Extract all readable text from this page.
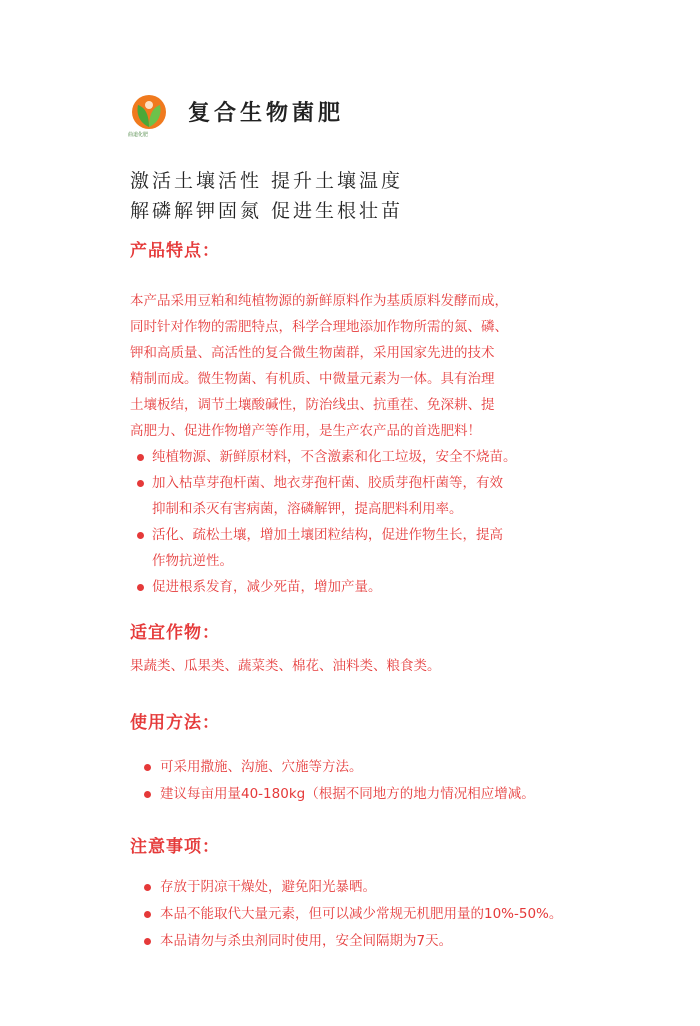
曲道化肥
复合生物菌肥
激活土壤活性 提升土壤温度
解磷解钾固氮 促进生根壮苗
产品特点：
本产品采用豆粕和纯植物源的新鲜原料作为基质原料发酵而成，
同时针对作物的需肥特点，科学合理地添加作物所需的氮、磷、
钾和高质量、高活性的复合微生物菌群，采用国家先进的技术
精制而成。微生物菌、有机质、中微量元素为一体。具有治理
土壤板结，调节土壤酸碱性，防治线虫、抗重茬、免深耕、提
高肥力、促进作物增产等作用，是生产农产品的首选肥料！
纯植物源、新鲜原材料，不含激素和化工垃圾，安全不烧苗。
加入枯草芽孢杆菌、地衣芽孢杆菌、胶质芽孢杆菌等，有效
抑制和杀灭有害病菌，溶磷解钾，提高肥料利用率。
活化、疏松土壤，增加土壤团粒结构，促进作物生长，提高
作物抗逆性。
促进根系发育，减少死苗，增加产量。
适宜作物：
果蔬类、瓜果类、蔬菜类、棉花、油料类、粮食类。
使用方法：
可采用撒施、沟施、穴施等方法。
建议每亩用量40-180kg（根据不同地方的地力情况相应增减。
注意事项：
存放于阴凉干燥处，避免阳光暴晒。
本品不能取代大量元素，但可以减少常规无机肥用量的10%-50%。
本品请勿与杀虫剂同时使用，安全间隔期为7天。
